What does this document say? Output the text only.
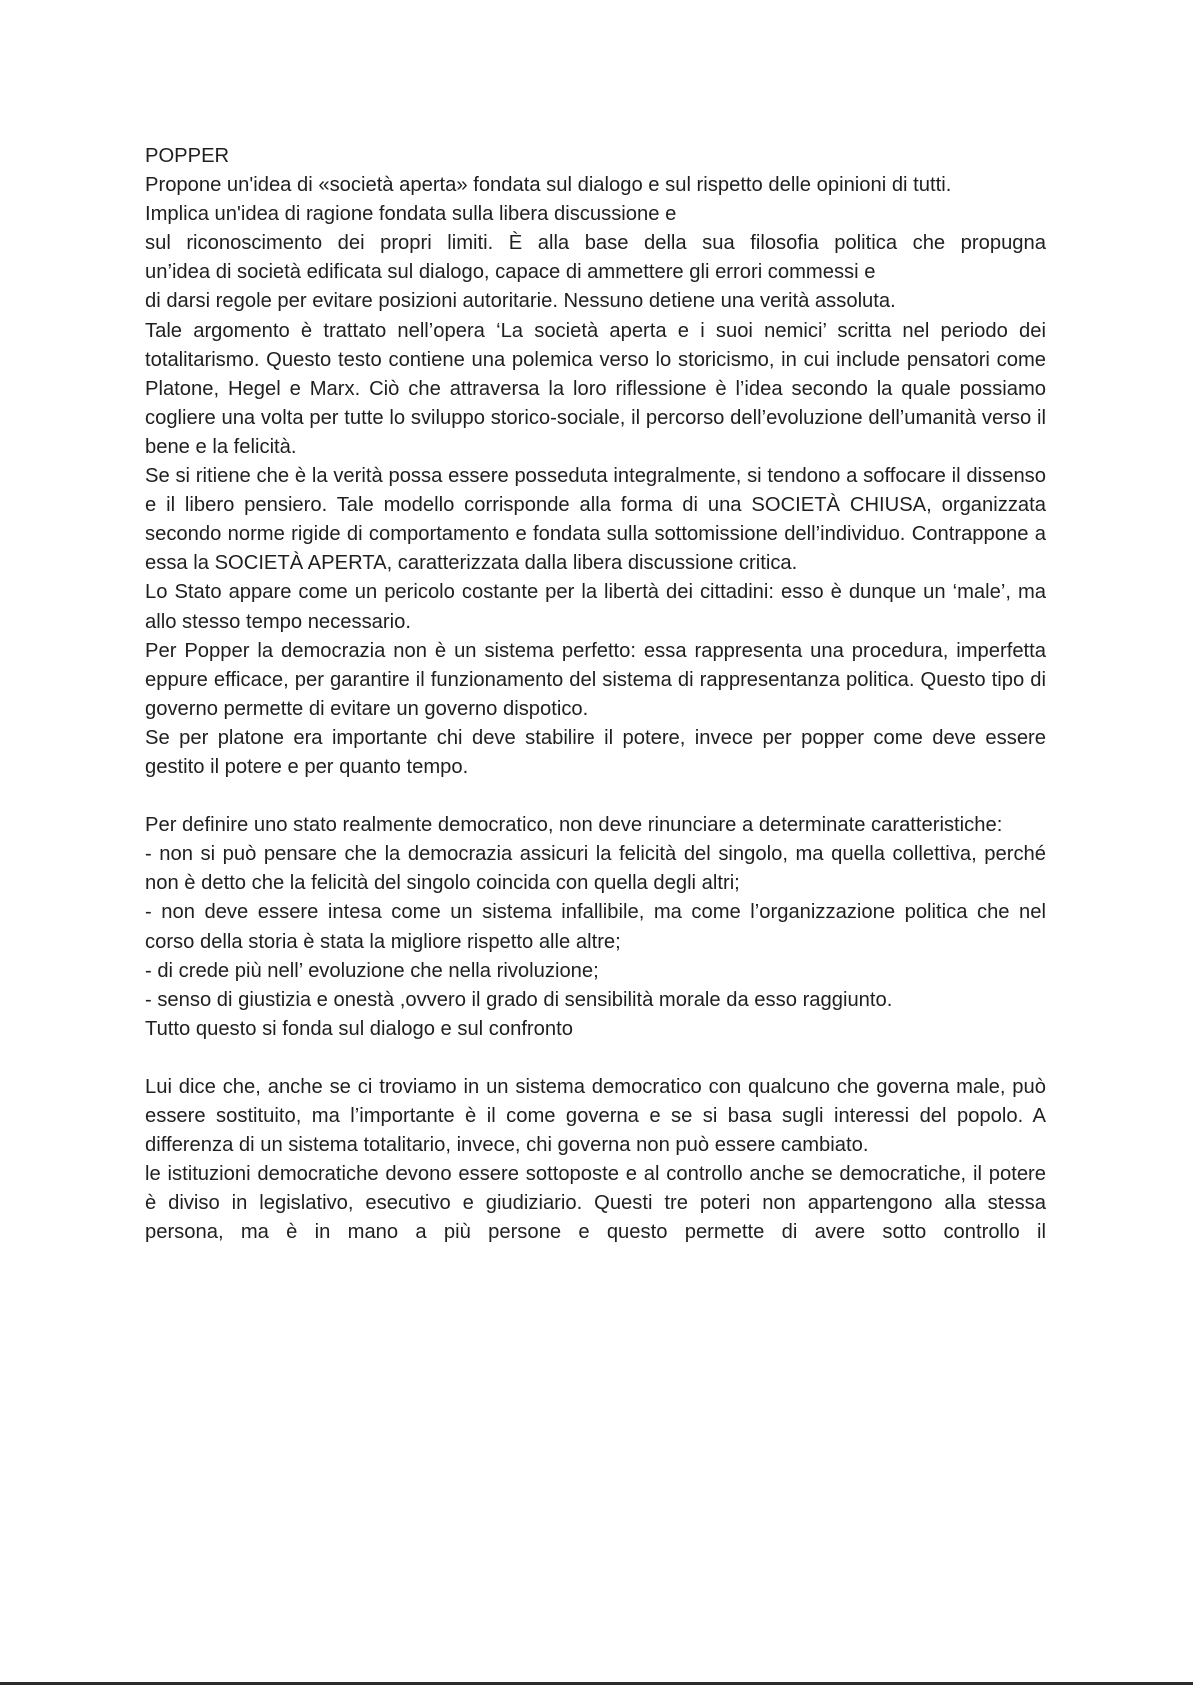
POPPER

Propone un'idea di «società aperta» fondata sul dialogo e sul rispetto delle opinioni di tutti.

Implica un'idea di ragione fondata sulla libera discussione e

sul riconoscimento dei propri limiti. È alla base della sua filosofia politica che propugna

un’idea di società edificata sul dialogo, capace di ammettere gli errori commessi e

di darsi regole per evitare posizioni autoritarie. Nessuno detiene una verità assoluta.

Tale argomento è trattato nell’opera ‘La società aperta e i suoi nemici’ scritta nel periodo dei totalitarismo. Questo testo contiene una polemica verso lo storicismo, in cui include pensatori come Platone, Hegel e Marx. Ciò che attraversa la loro riflessione è l’idea secondo la quale possiamo cogliere una volta per tutte lo sviluppo storico-sociale, il percorso dell’evoluzione dell’umanità verso il bene e la felicità.

Se si ritiene che è la verità possa essere posseduta integralmente, si tendono a soffocare il dissenso e il libero pensiero. Tale modello corrisponde alla forma di una SOCIETÀ CHIUSA, organizzata secondo norme rigide di comportamento e fondata sulla sottomissione dell’individuo. Contrappone a essa la SOCIETÀ APERTA, caratterizzata dalla libera discussione critica.

Lo Stato appare come un pericolo costante per la libertà dei cittadini: esso è dunque un ‘male’, ma allo stesso tempo necessario.

Per Popper la democrazia non è un sistema perfetto: essa rappresenta una procedura, imperfetta eppure efficace, per garantire il funzionamento del sistema di rappresentanza politica. Questo tipo di governo permette di evitare un governo dispotico.

Se per platone era importante chi deve stabilire il potere, invece per popper come deve essere gestito il potere e per quanto tempo.

Per definire uno stato realmente democratico, non deve rinunciare a determinate caratteristiche:

- non si può pensare che la democrazia assicuri la felicità del singolo, ma quella collettiva, perché non è detto che la felicità del singolo coincida con quella degli altri;

- non deve essere intesa come un sistema infallibile, ma come l’organizzazione politica che nel corso della storia è stata la migliore rispetto alle altre;

- di crede più nell’ evoluzione che nella rivoluzione;

- senso di giustizia e onestà ,ovvero il grado di sensibilità morale da esso raggiunto.

Tutto questo si fonda sul dialogo e sul confronto

Lui dice che, anche se ci troviamo in un sistema democratico con qualcuno che governa male, può essere sostituito, ma l’importante è il come governa e se si basa sugli interessi del popolo. A differenza di un sistema totalitario, invece, chi governa non può essere cambiato.

le istituzioni democratiche devono essere sottoposte e al controllo anche se democratiche, il potere è diviso in legislativo, esecutivo e giudiziario. Questi tre poteri non appartengono alla stessa persona, ma è in mano a più persone e questo permette di avere sotto controllo il
